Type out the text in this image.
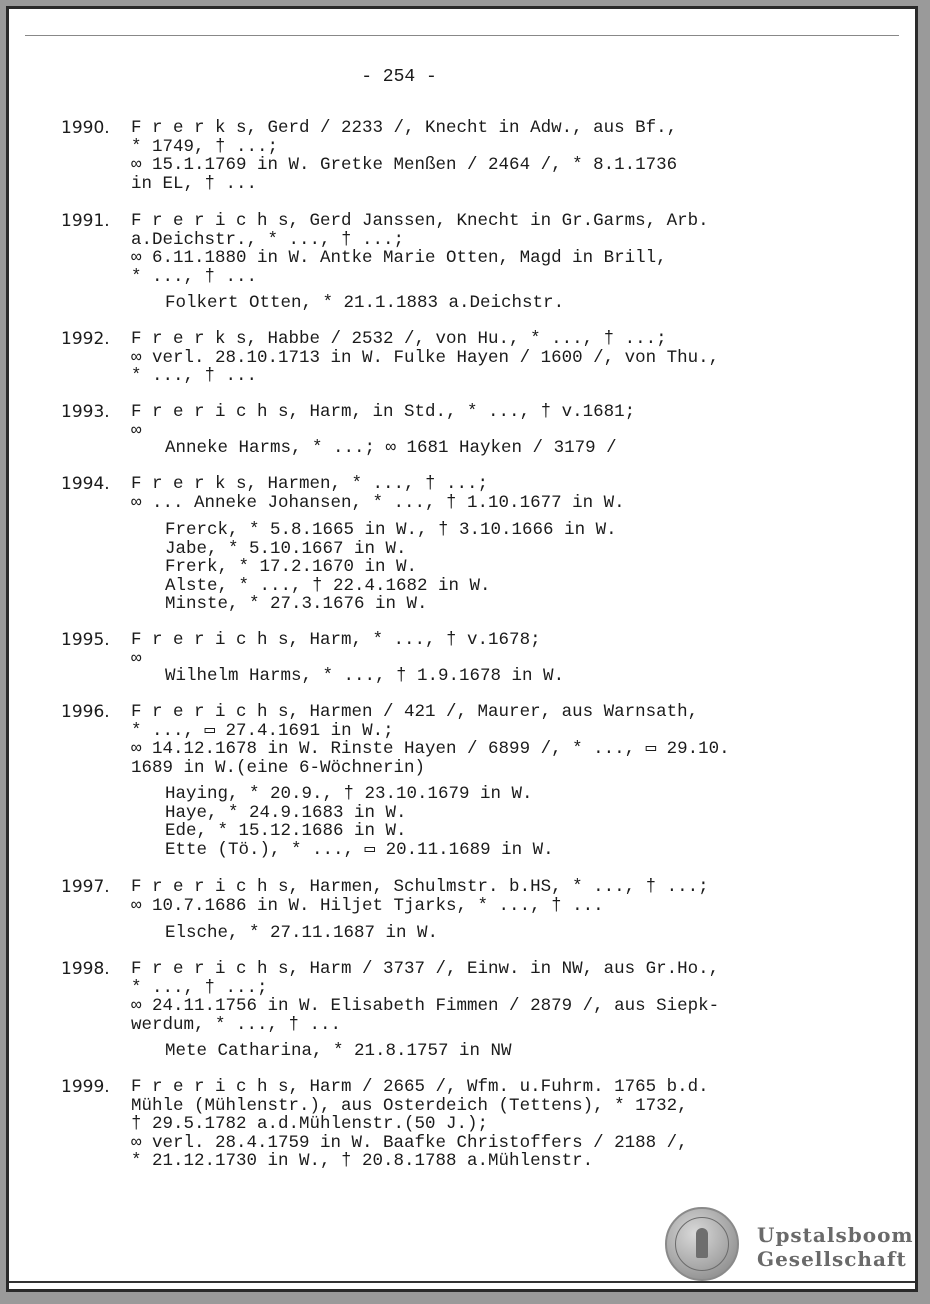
- 254 -
1990.	F r e r k s, Gerd / 2233 /, Knecht in Adw., aus Bf.,
* 1749, † ...;
∞ 15.1.1769 in W. Gretke Menßen / 2464 /, * 8.1.1736
in EL, † ...
1991.	F r e r i c h s, Gerd Janssen, Knecht in Gr.Garms, Arb.
a.Deichstr., * ..., † ...;
∞ 6.11.1880 in W. Antke Marie Otten, Magd in Brill,
* ..., † ...
Folkert Otten, * 21.1.1883 a.Deichstr.
1992.	F r e r k s, Habbe / 2532 /, von Hu., * ..., † ...;
∞ verl. 28.10.1713 in W. Fulke Hayen / 1600 /, von Thu.,
* ..., † ...
1993.	F r e r i c h s, Harm, in Std., * ..., † v.1681;
∞
Anneke Harms, * ...; ∞ 1681 Hayken / 3179 /
1994.	F r e r k s, Harmen, * ..., † ...;
∞ ... Anneke Johansen, * ..., † 1.10.1677 in W.
Frerck, * 5.8.1665 in W., † 3.10.1666 in W.
Jabe, * 5.10.1667 in W.
Frerk, * 17.2.1670 in W.
Alste, * ..., † 22.4.1682 in W.
Minste, * 27.3.1676 in W.
1995.	F r e r i c h s, Harm, * ..., † v.1678;
∞
Wilhelm Harms, * ..., † 1.9.1678 in W.
1996.	F r e r i c h s, Harmen / 421 /, Maurer, aus Warnsath,
* ..., ▭ 27.4.1691 in W.;
∞ 14.12.1678 in W. Rinste Hayen / 6899 /, * ..., ▭ 29.10.
1689 in W.(eine 6-Wöchnerin)
Haying, * 20.9., † 23.10.1679 in W.
Haye, * 24.9.1683 in W.
Ede, * 15.12.1686 in W.
Ette (Tö.), * ..., ▭ 20.11.1689 in W.
1997.	F r e r i c h s, Harmen, Schulmstr. b.HS, * ..., † ...;
∞ 10.7.1686 in W. Hiljet Tjarks, * ..., † ...
Elsche, * 27.11.1687 in W.
1998.	F r e r i c h s, Harm / 3737 /, Einw. in NW, aus Gr.Ho.,
* ..., † ...;
∞ 24.11.1756 in W. Elisabeth Fimmen / 2879 /, aus Siepk-
werdum, * ..., † ...
Mete Catharina, * 21.8.1757 in NW
1999.	F r e r i c h s, Harm / 2665 /, Wfm. u.Fuhrm. 1765 b.d.
Mühle (Mühlenstr.), aus Osterdeich (Tettens), * 1732,
† 29.5.1782 a.d.Mühlenstr.(50 J.);
∞ verl. 28.4.1759 in W. Baafke Christoffers / 2188 /,
* 21.12.1730 in W., † 20.8.1788 a.Mühlenstr.
Upstalsboom
Gesellschaft
